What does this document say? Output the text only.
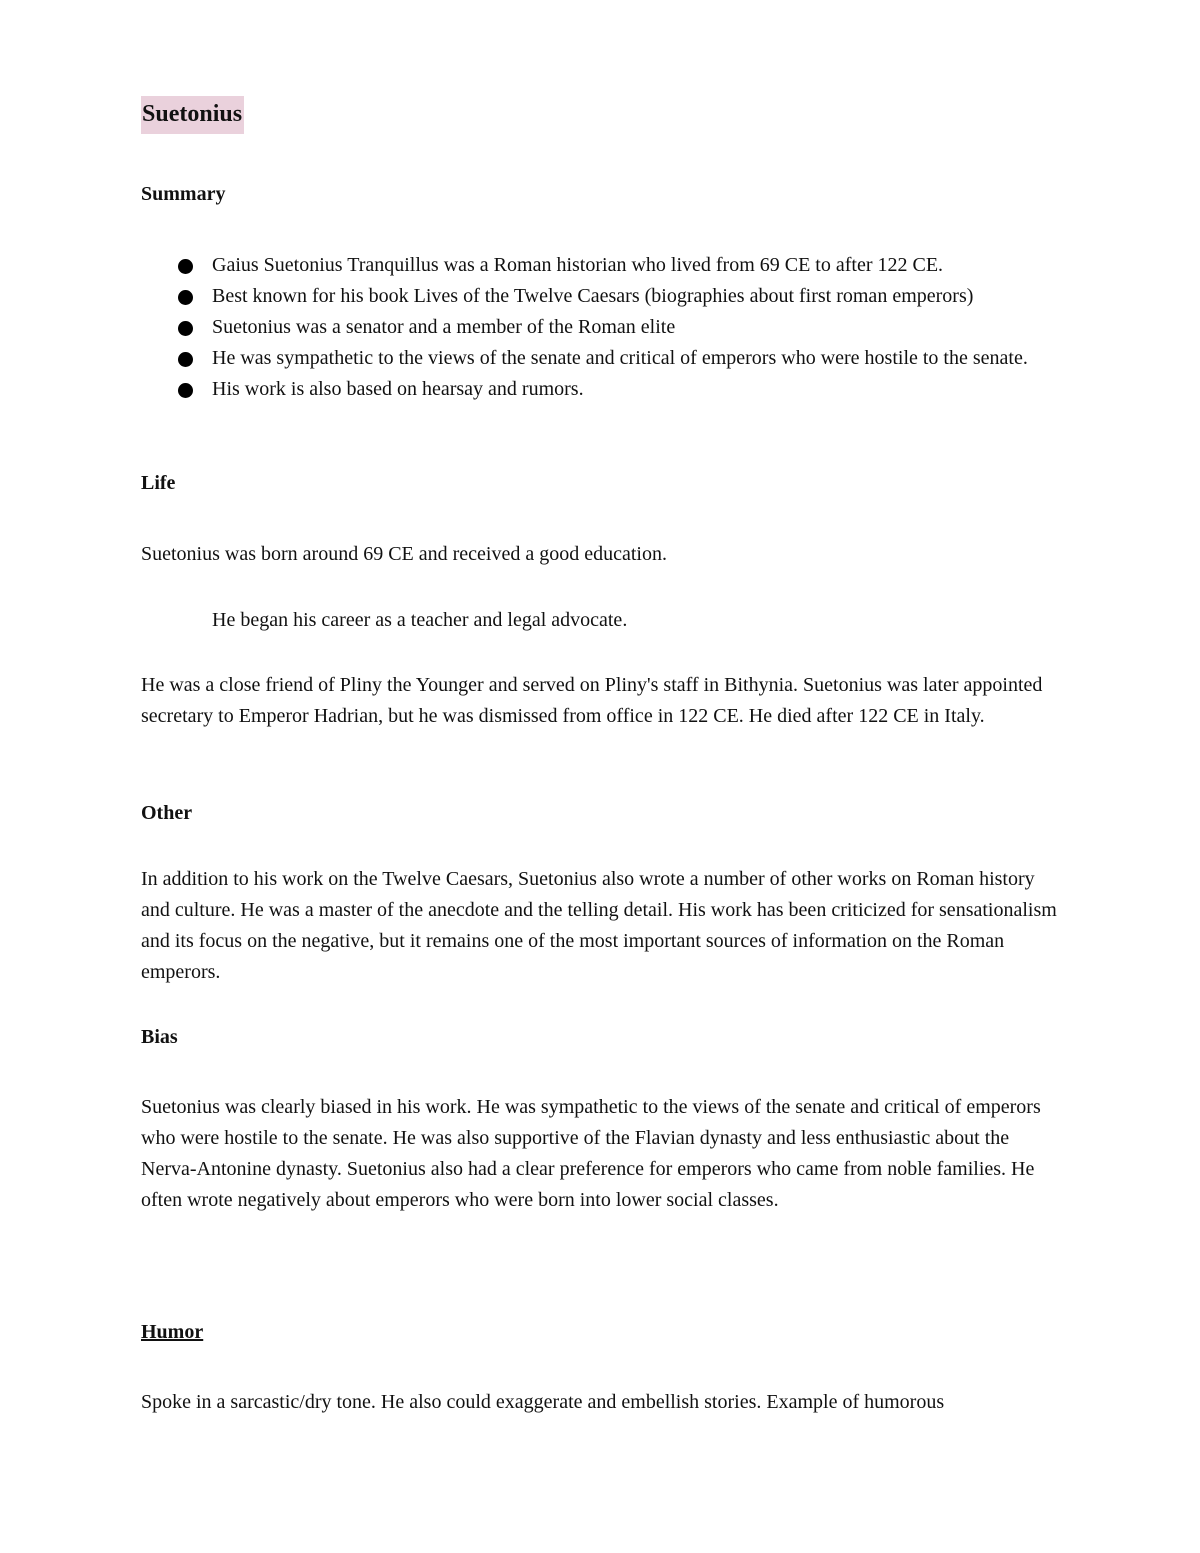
Suetonius
Summary
Gaius Suetonius Tranquillus was a Roman historian who lived from 69 CE to after 122 CE.
Best known for his book Lives of the Twelve Caesars (biographies about first roman emperors)
Suetonius was a senator and a member of the Roman elite
He was sympathetic to the views of the senate and critical of emperors who were hostile to the senate.
His work is also based on hearsay and rumors.
Life

Suetonius was born around 69 CE and received a good education.

He began his career as a teacher and legal advocate.

He was a close friend of Pliny the Younger and served on Pliny's staff in Bithynia. Suetonius was later appointed secretary to Emperor Hadrian, but he was dismissed from office in 122 CE. He died after 122 CE in Italy.

Other

In addition to his work on the Twelve Caesars, Suetonius also wrote a number of other works on Roman history and culture. He was a master of the anecdote and the telling detail. His work has been criticized for sensationalism and its focus on the negative, but it remains one of the most important sources of information on the Roman emperors.

Bias

Suetonius was clearly biased in his work. He was sympathetic to the views of the senate and critical of emperors who were hostile to the senate. He was also supportive of the Flavian dynasty and less enthusiastic about the Nerva-Antonine dynasty. Suetonius also had a clear preference for emperors who came from noble families. He often wrote negatively about emperors who were born into lower social classes.

Humor

Spoke in a sarcastic/dry tone. He also could exaggerate and embellish stories. Example of humorous
